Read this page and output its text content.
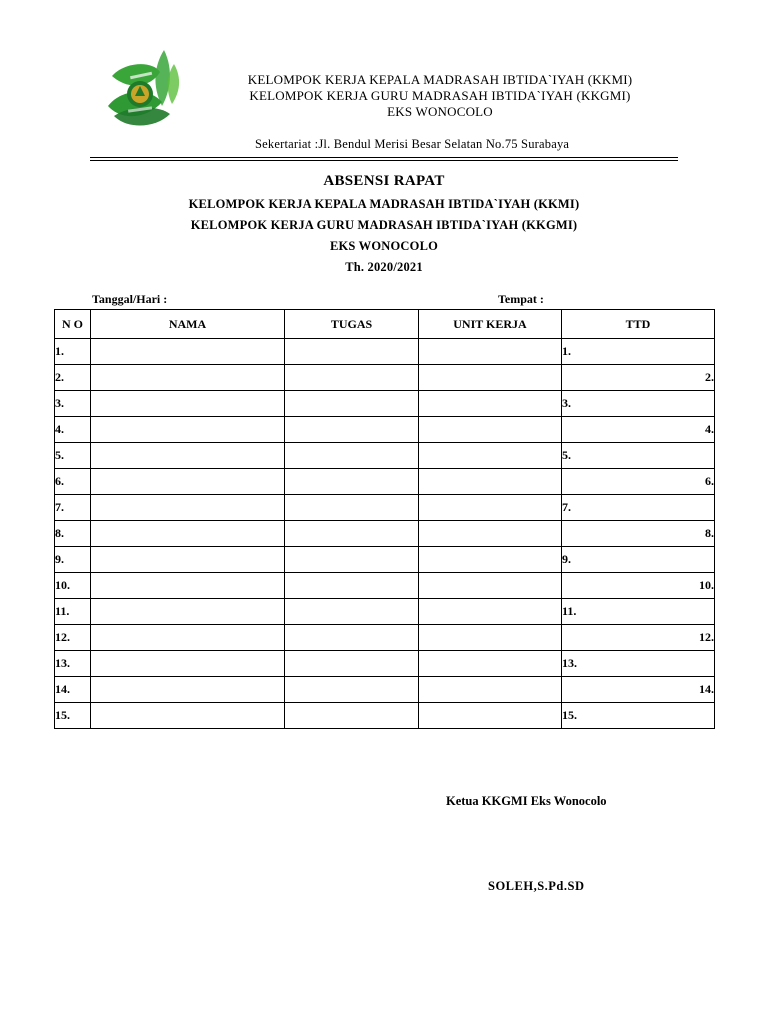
KELOMPOK KERJA KEPALA MADRASAH IBTIDA`IYAH (KKMI)
KELOMPOK KERJA GURU MADRASAH IBTIDA`IYAH (KKGMI)
EKS WONOCOLO
Sekertariat :Jl. Bendul Merisi Besar Selatan No.75 Surabaya
ABSENSI RAPAT
KELOMPOK KERJA KEPALA MADRASAH IBTIDA`IYAH (KKMI)
KELOMPOK KERJA GURU MADRASAH IBTIDA`IYAH (KKGMI)
EKS WONOCOLO
Th. 2020/2021
Tanggal/Hari :	Tempat :
N O	NAMA	TUGAS	UNIT KERJA	TTD
1.				1.
2.				2.
3.				3.
4.				4.
5.				5.
6.				6.
7.				7.
8.				8.
9.				9.
10.				10.
11.				11.
12.				12.
13.				13.
14.				14.
15.				15.
Ketua KKGMI Eks Wonocolo
SOLEH,S.Pd.SD
